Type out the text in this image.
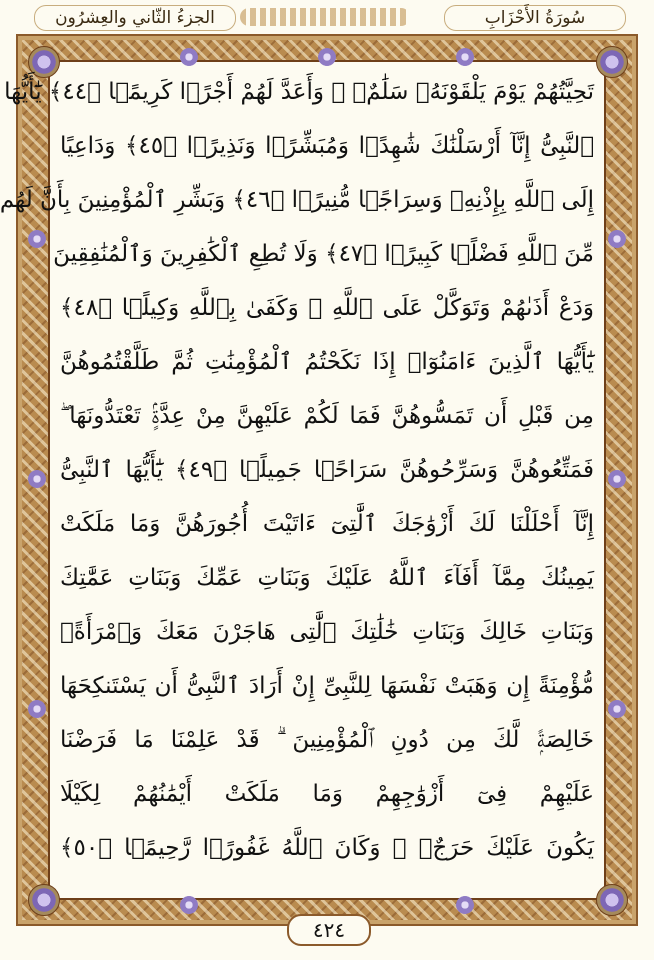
الجزءُ الثّاني والعِشرُون	سُورَةُ الأَحْزَابِ
تَحِيَّتُهُمْ يَوْمَ يَلْقَوْنَهُۥ سَلَٰمٌۭ ۚ وَأَعَدَّ لَهُمْ أَجْرًۭا كَرِيمًۭا ﴿٤٤﴾ يَٰٓأَيُّهَا
ٱلنَّبِىُّ إِنَّآ أَرْسَلْنَٰكَ شَٰهِدًۭا وَمُبَشِّرًۭا وَنَذِيرًۭا ﴿٤٥﴾ وَدَاعِيًا
إِلَى ٱللَّهِ بِإِذْنِهِۦ وَسِرَاجًۭا مُّنِيرًۭا ﴿٤٦﴾ وَبَشِّرِ ٱلْمُؤْمِنِينَ بِأَنَّ لَهُم
مِّنَ ٱللَّهِ فَضْلًۭا كَبِيرًۭا ﴿٤٧﴾ وَلَا تُطِعِ ٱلْكَٰفِرِينَ وَٱلْمُنَٰفِقِينَ
وَدَعْ أَذَىٰهُمْ وَتَوَكَّلْ عَلَى ٱللَّهِ ۚ وَكَفَىٰ بِٱللَّهِ وَكِيلًۭا ﴿٤٨﴾
يَٰٓأَيُّهَا ٱلَّذِينَ ءَامَنُوٓا۟ إِذَا نَكَحْتُمُ ٱلْمُؤْمِنَٰتِ ثُمَّ طَلَّقْتُمُوهُنَّ
مِن قَبْلِ أَن تَمَسُّوهُنَّ فَمَا لَكُمْ عَلَيْهِنَّ مِنْ عِدَّةٍۢ تَعْتَدُّونَهَا ۖ
فَمَتِّعُوهُنَّ وَسَرِّحُوهُنَّ سَرَاحًۭا جَمِيلًۭا ﴿٤٩﴾ يَٰٓأَيُّهَا ٱلنَّبِىُّ
إِنَّآ أَحْلَلْنَا لَكَ أَزْوَٰجَكَ ٱلَّٰتِىٓ ءَاتَيْتَ أُجُورَهُنَّ وَمَا مَلَكَتْ
يَمِينُكَ مِمَّآ أَفَآءَ ٱللَّهُ عَلَيْكَ وَبَنَاتِ عَمِّكَ وَبَنَاتِ عَمَّٰتِكَ
وَبَنَاتِ خَالِكَ وَبَنَاتِ خَٰلَٰتِكَ ٱلَّٰتِى هَاجَرْنَ مَعَكَ وَٱمْرَأَةًۭ
مُّؤْمِنَةً إِن وَهَبَتْ نَفْسَهَا لِلنَّبِىِّ إِنْ أَرَادَ ٱلنَّبِىُّ أَن يَسْتَنكِحَهَا
خَالِصَةًۭ لَّكَ مِن دُونِ ٱلْمُؤْمِنِينَ ۗ قَدْ عَلِمْنَا مَا فَرَضْنَا
عَلَيْهِمْ فِىٓ أَزْوَٰجِهِمْ وَمَا مَلَكَتْ أَيْمَٰنُهُمْ لِكَيْلَا
يَكُونَ عَلَيْكَ حَرَجٌۭ ۗ وَكَانَ ٱللَّهُ غَفُورًۭا رَّحِيمًۭا ﴿٥٠﴾
٤٢٤
